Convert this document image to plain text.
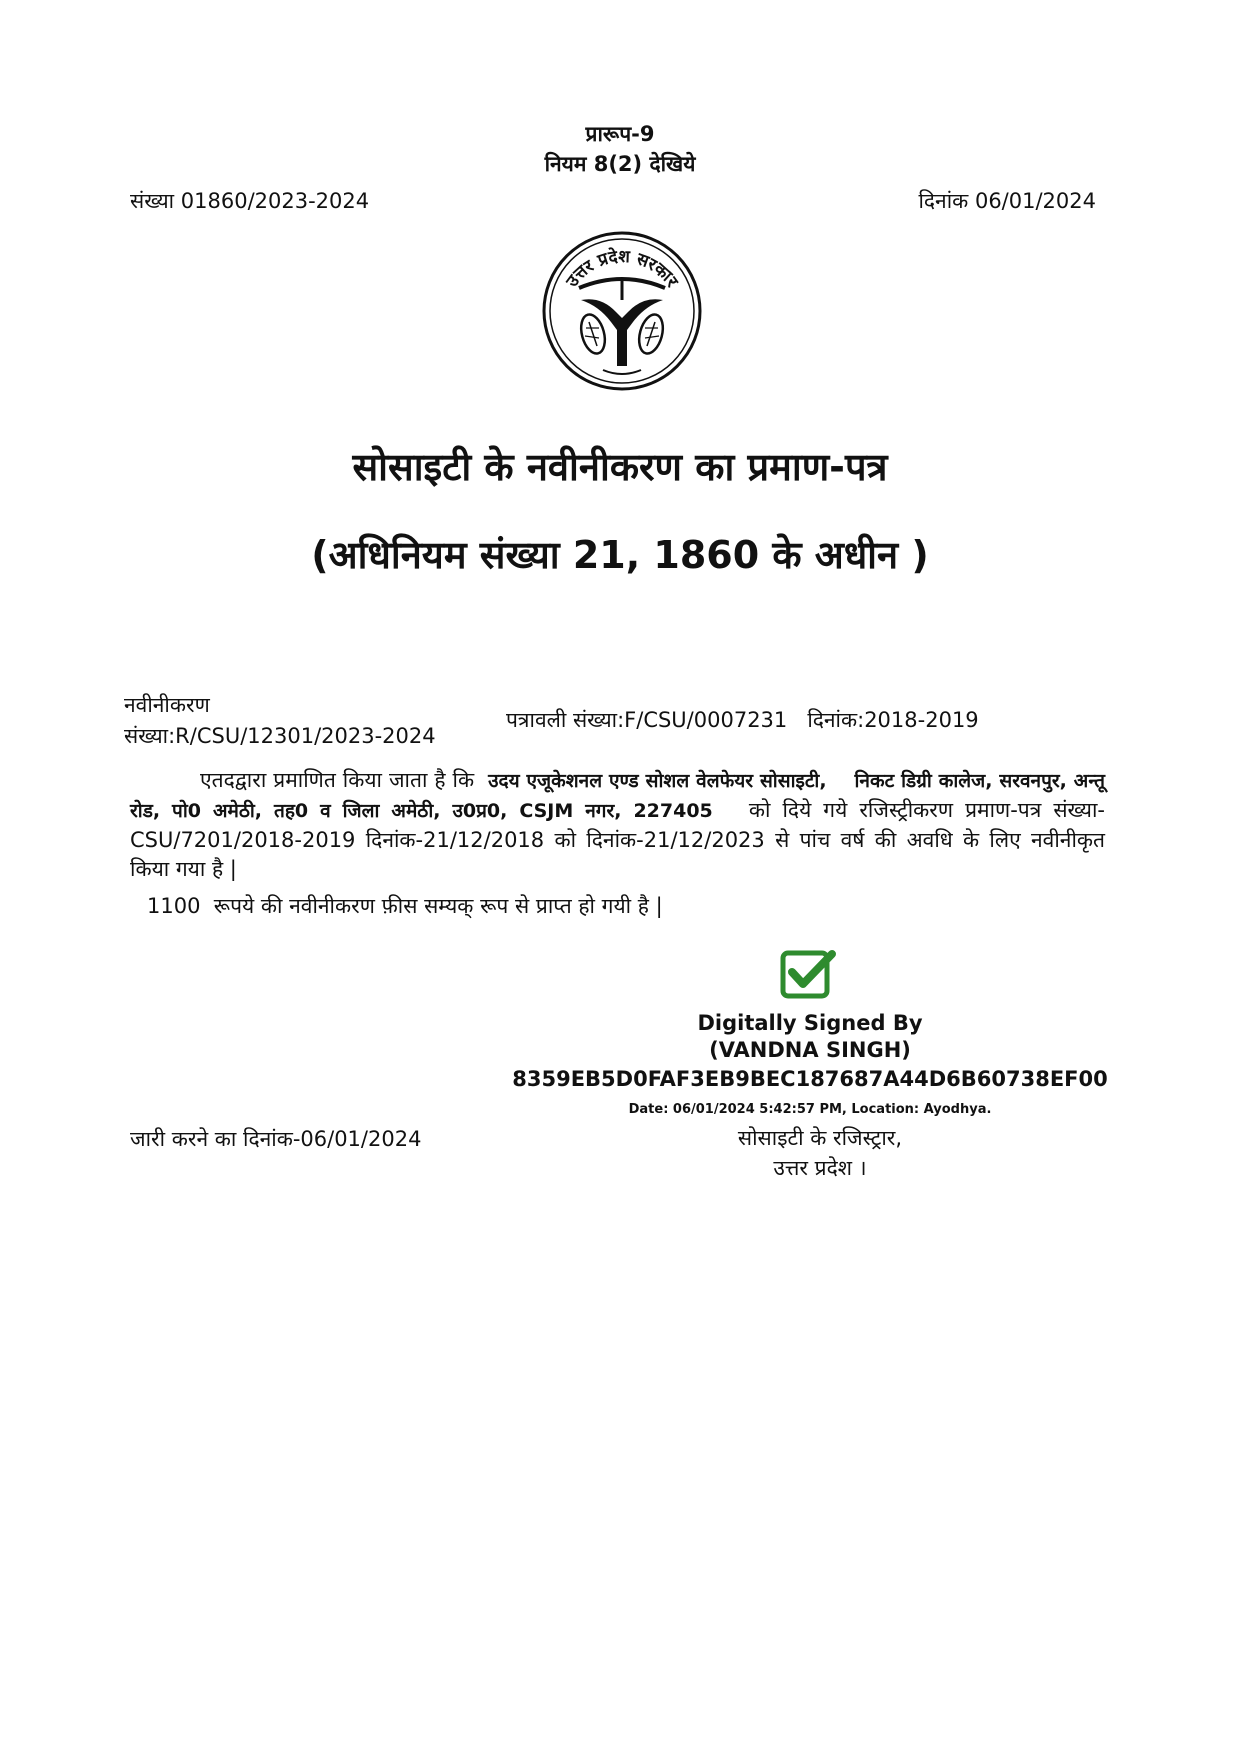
प्रारूप-9
नियम 8(2) देखिये
संख्या 01860/2023-2024	दिनांक 06/01/2024
उत्तर प्रदेश सरकार
सोसाइटी के नवीनीकरण का प्रमाण-पत्र
(अधिनियम संख्या 21, 1860 के अधीन )
नवीनीकरण
संख्या:R/CSU/12301/2023-2024
पत्रावली संख्या:F/CSU/0007231 दिनांक:2018-2019
एतदद्वारा प्रमाणित किया जाता है कि उदय एजूकेशनल एण्ड सोशल वेलफेयर सोसाइटी, निकट डिग्री कालेज, सरवनपुर, अन्तू रोड, पो0 अमेठी, तह0 व जिला अमेठी, उ0प्र0, CSJM नगर, 227405 को दिये गये रजिस्ट्रीकरण प्रमाण-पत्र संख्या- CSU/7201/2018-2019 दिनांक-21/12/2018 को दिनांक-21/12/2023 से पांच वर्ष की अवधि के लिए नवीनीकृत किया गया है |
1100  रूपये की नवीनीकरण फ़ीस सम्यक् रूप से प्राप्त हो गयी है |
Digitally Signed By
(VANDNA SINGH)
8359EB5D0FAF3EB9BEC187687A44D6B60738EF00
Date: 06/01/2024 5:42:57 PM, Location: Ayodhya.
जारी करने का दिनांक-06/01/2024	सोसाइटी के रजिस्ट्रार,
उत्तर प्रदेश ।
